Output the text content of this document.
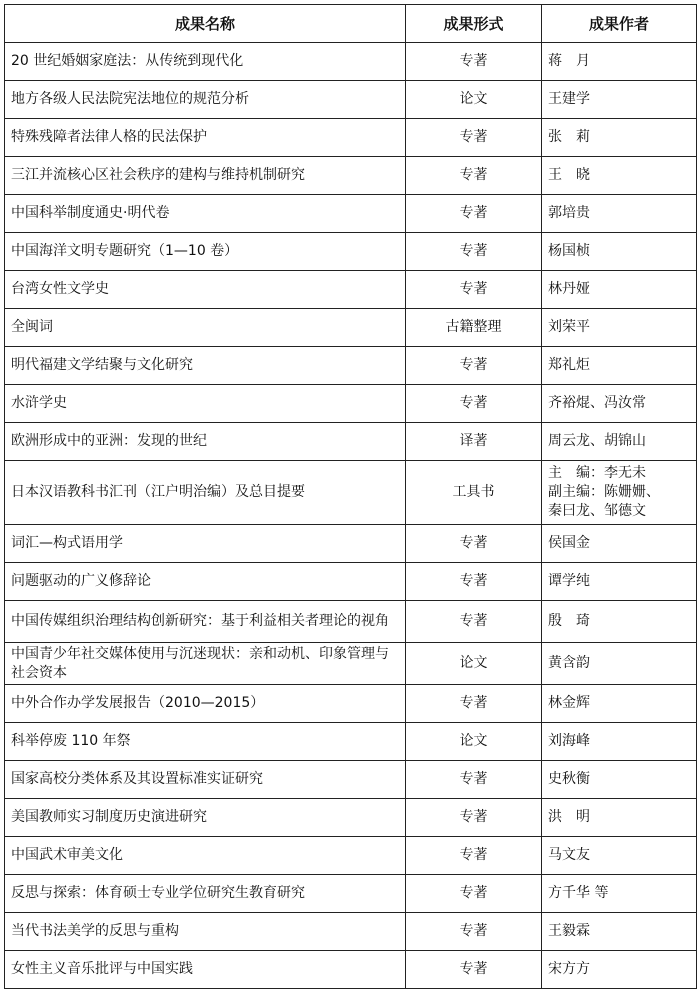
成果名称	成果形式	成果作者
20 世纪婚姻家庭法：从传统到现代化	专著	蒋　月
地方各级人民法院宪法地位的规范分析	论文	王建学
特殊残障者法律人格的民法保护	专著	张　莉
三江并流核心区社会秩序的建构与维持机制研究	专著	王　晓
中国科举制度通史·明代卷	专著	郭培贵
中国海洋文明专题研究（1—10 卷）	专著	杨国桢
台湾女性文学史	专著	林丹娅
全闽词	古籍整理	刘荣平
明代福建文学结聚与文化研究	专著	郑礼炬
水浒学史	专著	齐裕焜、冯汝常
欧洲形成中的亚洲：发现的世纪	译著	周云龙、胡锦山
日本汉语教科书汇刊（江户明治编）及总目提要	工具书	主　编：李无未
副主编：陈姗姗、
秦曰龙、邹德文
词汇—构式语用学	专著	侯国金
问题驱动的广义修辞论	专著	谭学纯
中国传媒组织治理结构创新研究：基于利益相关者理论的视角	专著	殷　琦
中国青少年社交媒体使用与沉迷现状：亲和动机、印象管理与社会资本	论文	黄含韵
中外合作办学发展报告（2010—2015）	专著	林金辉
科举停废 110 年祭	论文	刘海峰
国家高校分类体系及其设置标准实证研究	专著	史秋衡
美国教师实习制度历史演进研究	专著	洪　明
中国武术审美文化	专著	马文友
反思与探索：体育硕士专业学位研究生教育研究	专著	方千华 等
当代书法美学的反思与重构	专著	王毅霖
女性主义音乐批评与中国实践	专著	宋方方
